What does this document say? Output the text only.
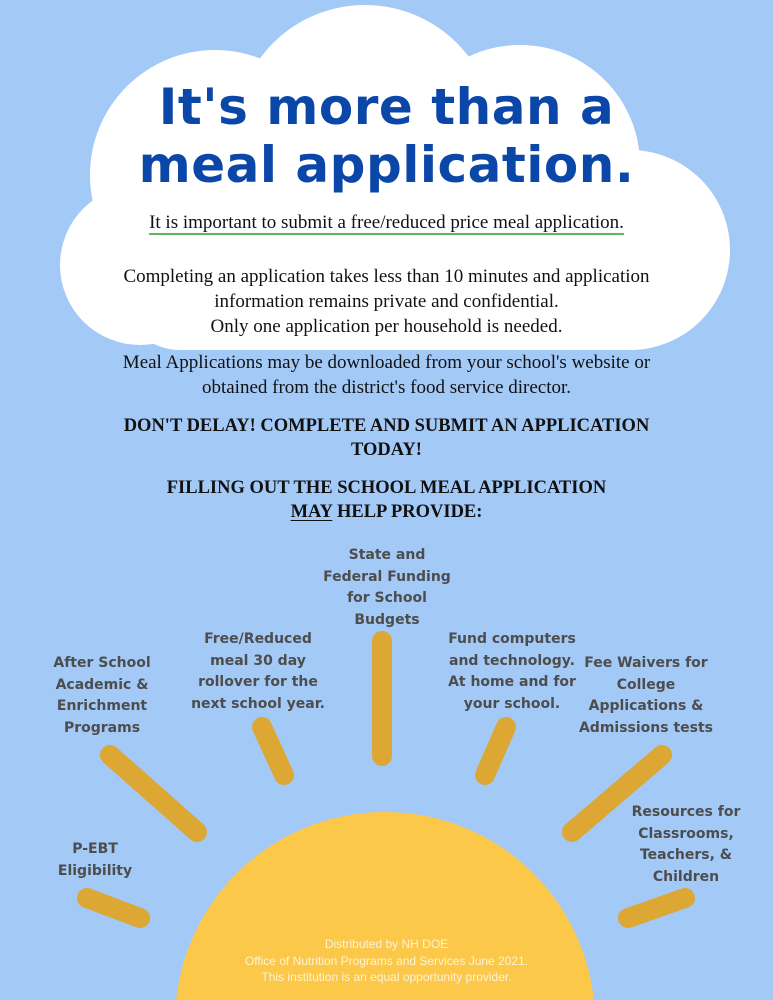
It's more than a
meal application.
It is important to submit a free/reduced price meal application.
Completing an application takes less than 10 minutes and application
information remains private and confidential.
Only one application per household is needed.
Meal Applications may be downloaded from your school's website or
obtained from the district's food service director.
DON'T DELAY! COMPLETE AND SUBMIT AN APPLICATION
TODAY!
FILLING OUT THE SCHOOL MEAL APPLICATION
MAY HELP PROVIDE:
State and
Federal Funding
for School
Budgets
Free/Reduced
meal 30 day
rollover for the
next school year.
Fund computers
and technology.
At home and for
your school.
After School
Academic &
Enrichment
Programs
Fee Waivers for
College
Applications &
Admissions tests
P-EBT
Eligibility
Resources for
Classrooms,
Teachers, &
Children
Distributed by NH DOE
Office of Nutrition Programs and Services June 2021.
This institution is an equal opportunity provider.
